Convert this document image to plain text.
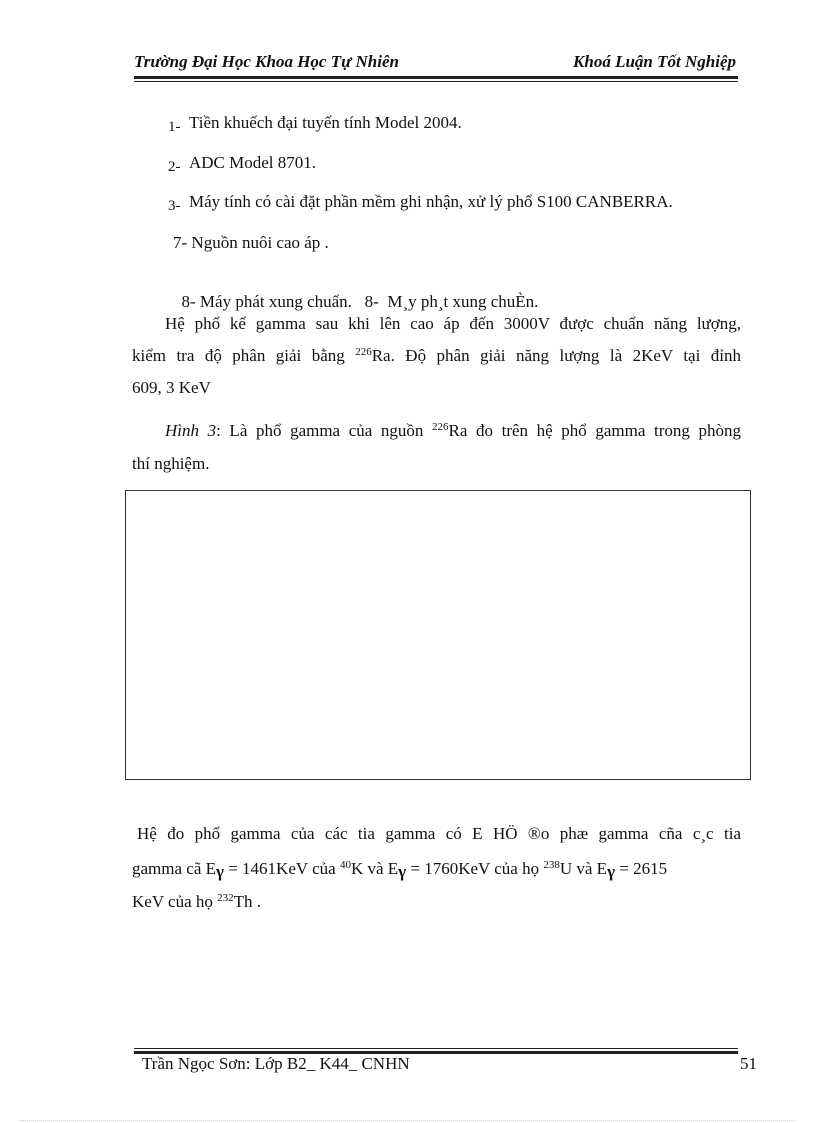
Trường Đại Học Khoa Học Tự Nhiên	Khoá Luận Tốt Nghiệp
1- Tiền khuếch đại tuyến tính Model 2004.
2- ADC Model 8701.
3- Máy tính có cài đặt phần mềm ghi nhận, xử lý phổ S100 CANBERRA.
7- Nguồn nuôi cao áp .

8- Máy phát xung chuẩn.   8-  M¸y ph¸t xung chuÈn.

Hệ phổ kế gamma sau khi lên cao áp đến 3000V được chuẩn năng lượng,
kiểm tra độ phân giải bằng $^{226}$Ra. Độ phân giải năng lượng là 2KeV tại đỉnh
609, 3 KeV
Hình 3: Là phổ gamma của nguồn $^{226}$Ra đo trên hệ phổ gamma trong phòng
thí nghiệm.
Hệ đo phổ gamma của các tia gamma có E HÖ ®o phæ gamma cña c¸c tia
gamma cã Eγ = 1461KeV của $^{40}$K và Eγ = 1760KeV của họ $^{238}$U và Eγ = 2615
KeV của họ $^{232}$Th .
Trần Ngọc Sơn: Lớp B2_ K44_ CNHN	51
